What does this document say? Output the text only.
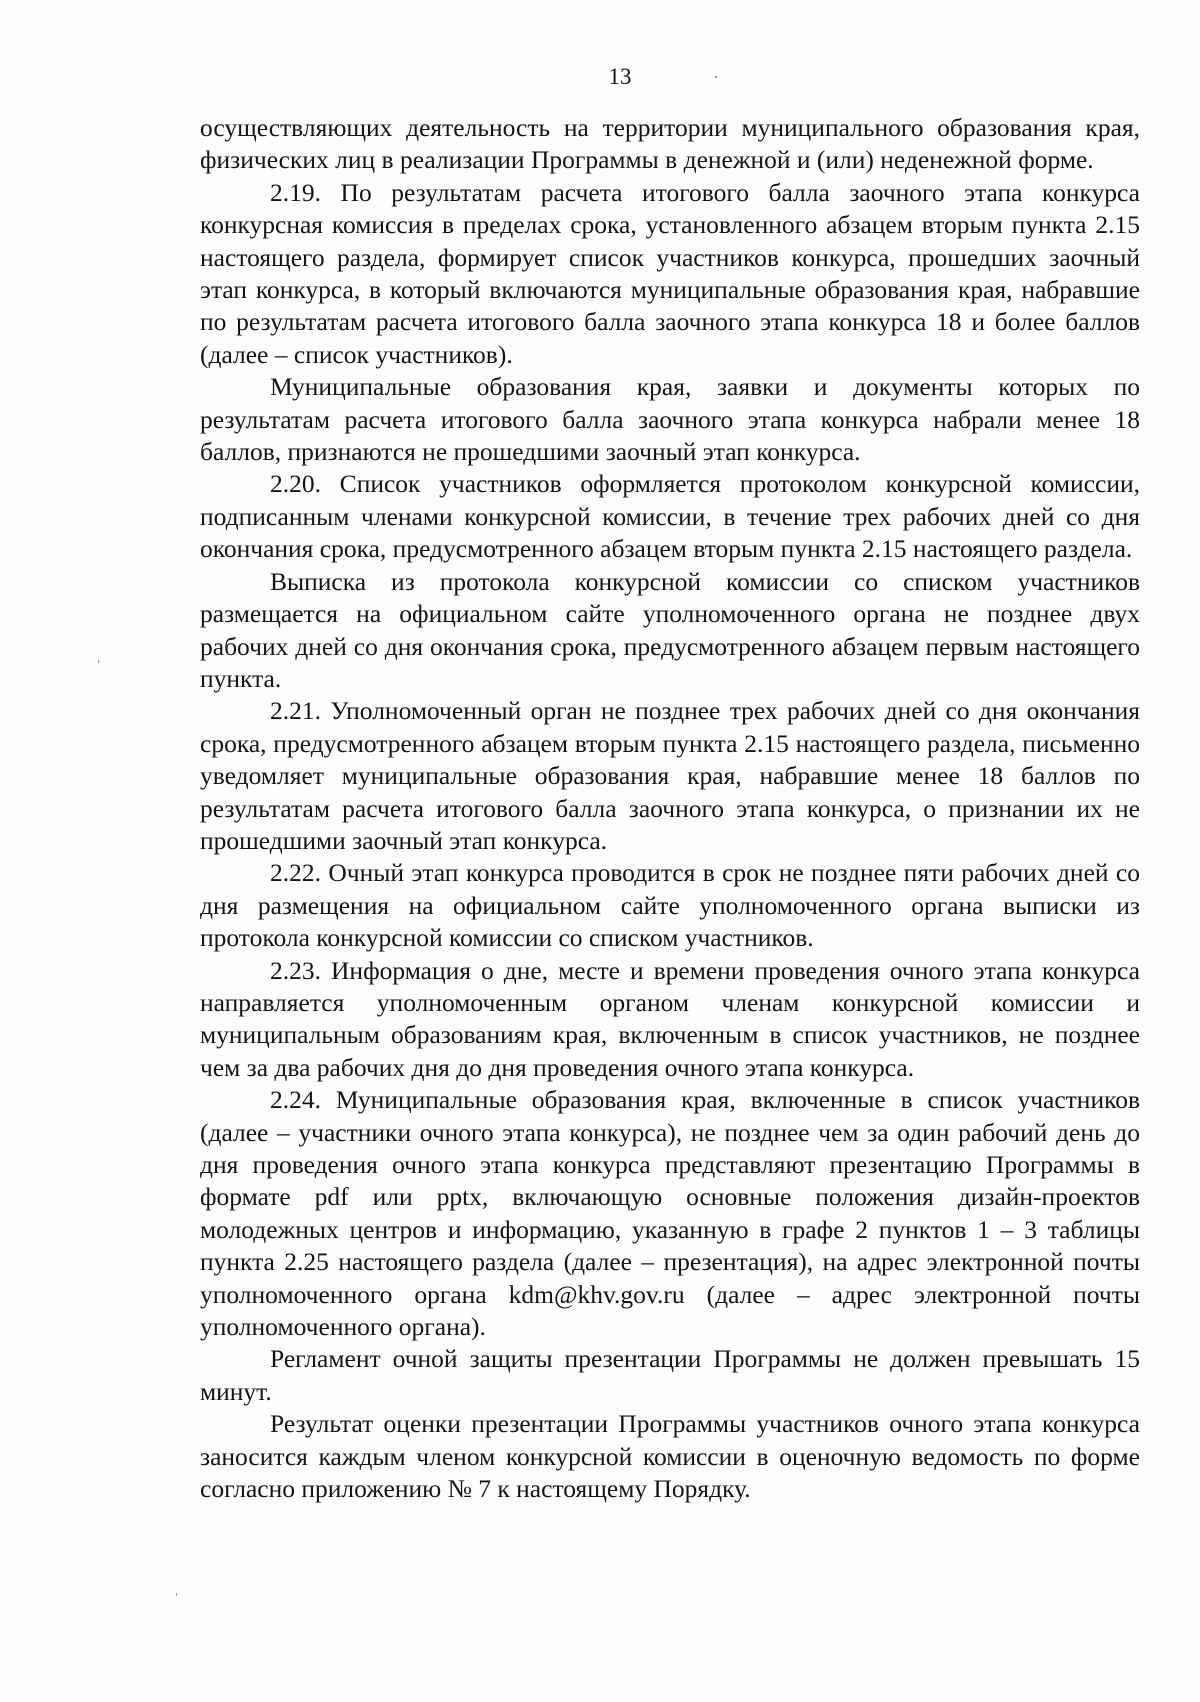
13

осуществляющих деятельность на территории муниципального образования края, физических лиц в реализации Программы в денежной и (или) неденежной форме.

2.19. По результатам расчета итогового балла заочного этапа конкурса конкурсная комиссия в пределах срока, установленного абзацем вторым пункта 2.15 настоящего раздела, формирует список участников конкурса, прошедших заочный этап конкурса, в который включаются муниципальные образования края, набравшие по результатам расчета итогового балла заочного этапа конкурса 18 и более баллов (далее – список участников).

Муниципальные образования края, заявки и документы которых по результатам расчета итогового балла заочного этапа конкурса набрали менее 18 баллов, признаются не прошедшими заочный этап конкурса.

2.20. Список участников оформляется протоколом конкурсной комиссии, подписанным членами конкурсной комиссии, в течение трех рабочих дней со дня окончания срока, предусмотренного абзацем вторым пункта 2.15 настоящего раздела.

Выписка из протокола конкурсной комиссии со списком участников размещается на официальном сайте уполномоченного органа не позднее двух рабочих дней со дня окончания срока, предусмотренного абзацем первым настоящего пункта.

2.21. Уполномоченный орган не позднее трех рабочих дней со дня окончания срока, предусмотренного абзацем вторым пункта 2.15 настоящего раздела, письменно уведомляет муниципальные образования края, набравшие менее 18 баллов по результатам расчета итогового балла заочного этапа конкурса, о признании их не прошедшими заочный этап конкурса.

2.22. Очный этап конкурса проводится в срок не позднее пяти рабочих дней со дня размещения на официальном сайте уполномоченного органа выписки из протокола конкурсной комиссии со списком участников.

2.23. Информация о дне, месте и времени проведения очного этапа конкурса направляется уполномоченным органом членам конкурсной комиссии и муниципальным образованиям края, включенным в список участников, не позднее чем за два рабочих дня до дня проведения очного этапа конкурса.

2.24. Муниципальные образования края, включенные в список участников (далее – участники очного этапа конкурса), не позднее чем за один рабочий день до дня проведения очного этапа конкурса представляют презентацию Программы в формате pdf или pptx, включающую основные положения дизайн-проектов молодежных центров и информацию, указанную в графе 2 пунктов 1 – 3 таблицы пункта 2.25 настоящего раздела (далее – презентация), на адрес электронной почты уполномоченного органа kdm@khv.gov.ru (далее – адрес электронной почты уполномоченного органа).

Регламент очной защиты презентации Программы не должен превышать 15 минут.

Результат оценки презентации Программы участников очного этапа конкурса заносится каждым членом конкурсной комиссии в оценочную ведомость по форме согласно приложению № 7 к настоящему Порядку.
